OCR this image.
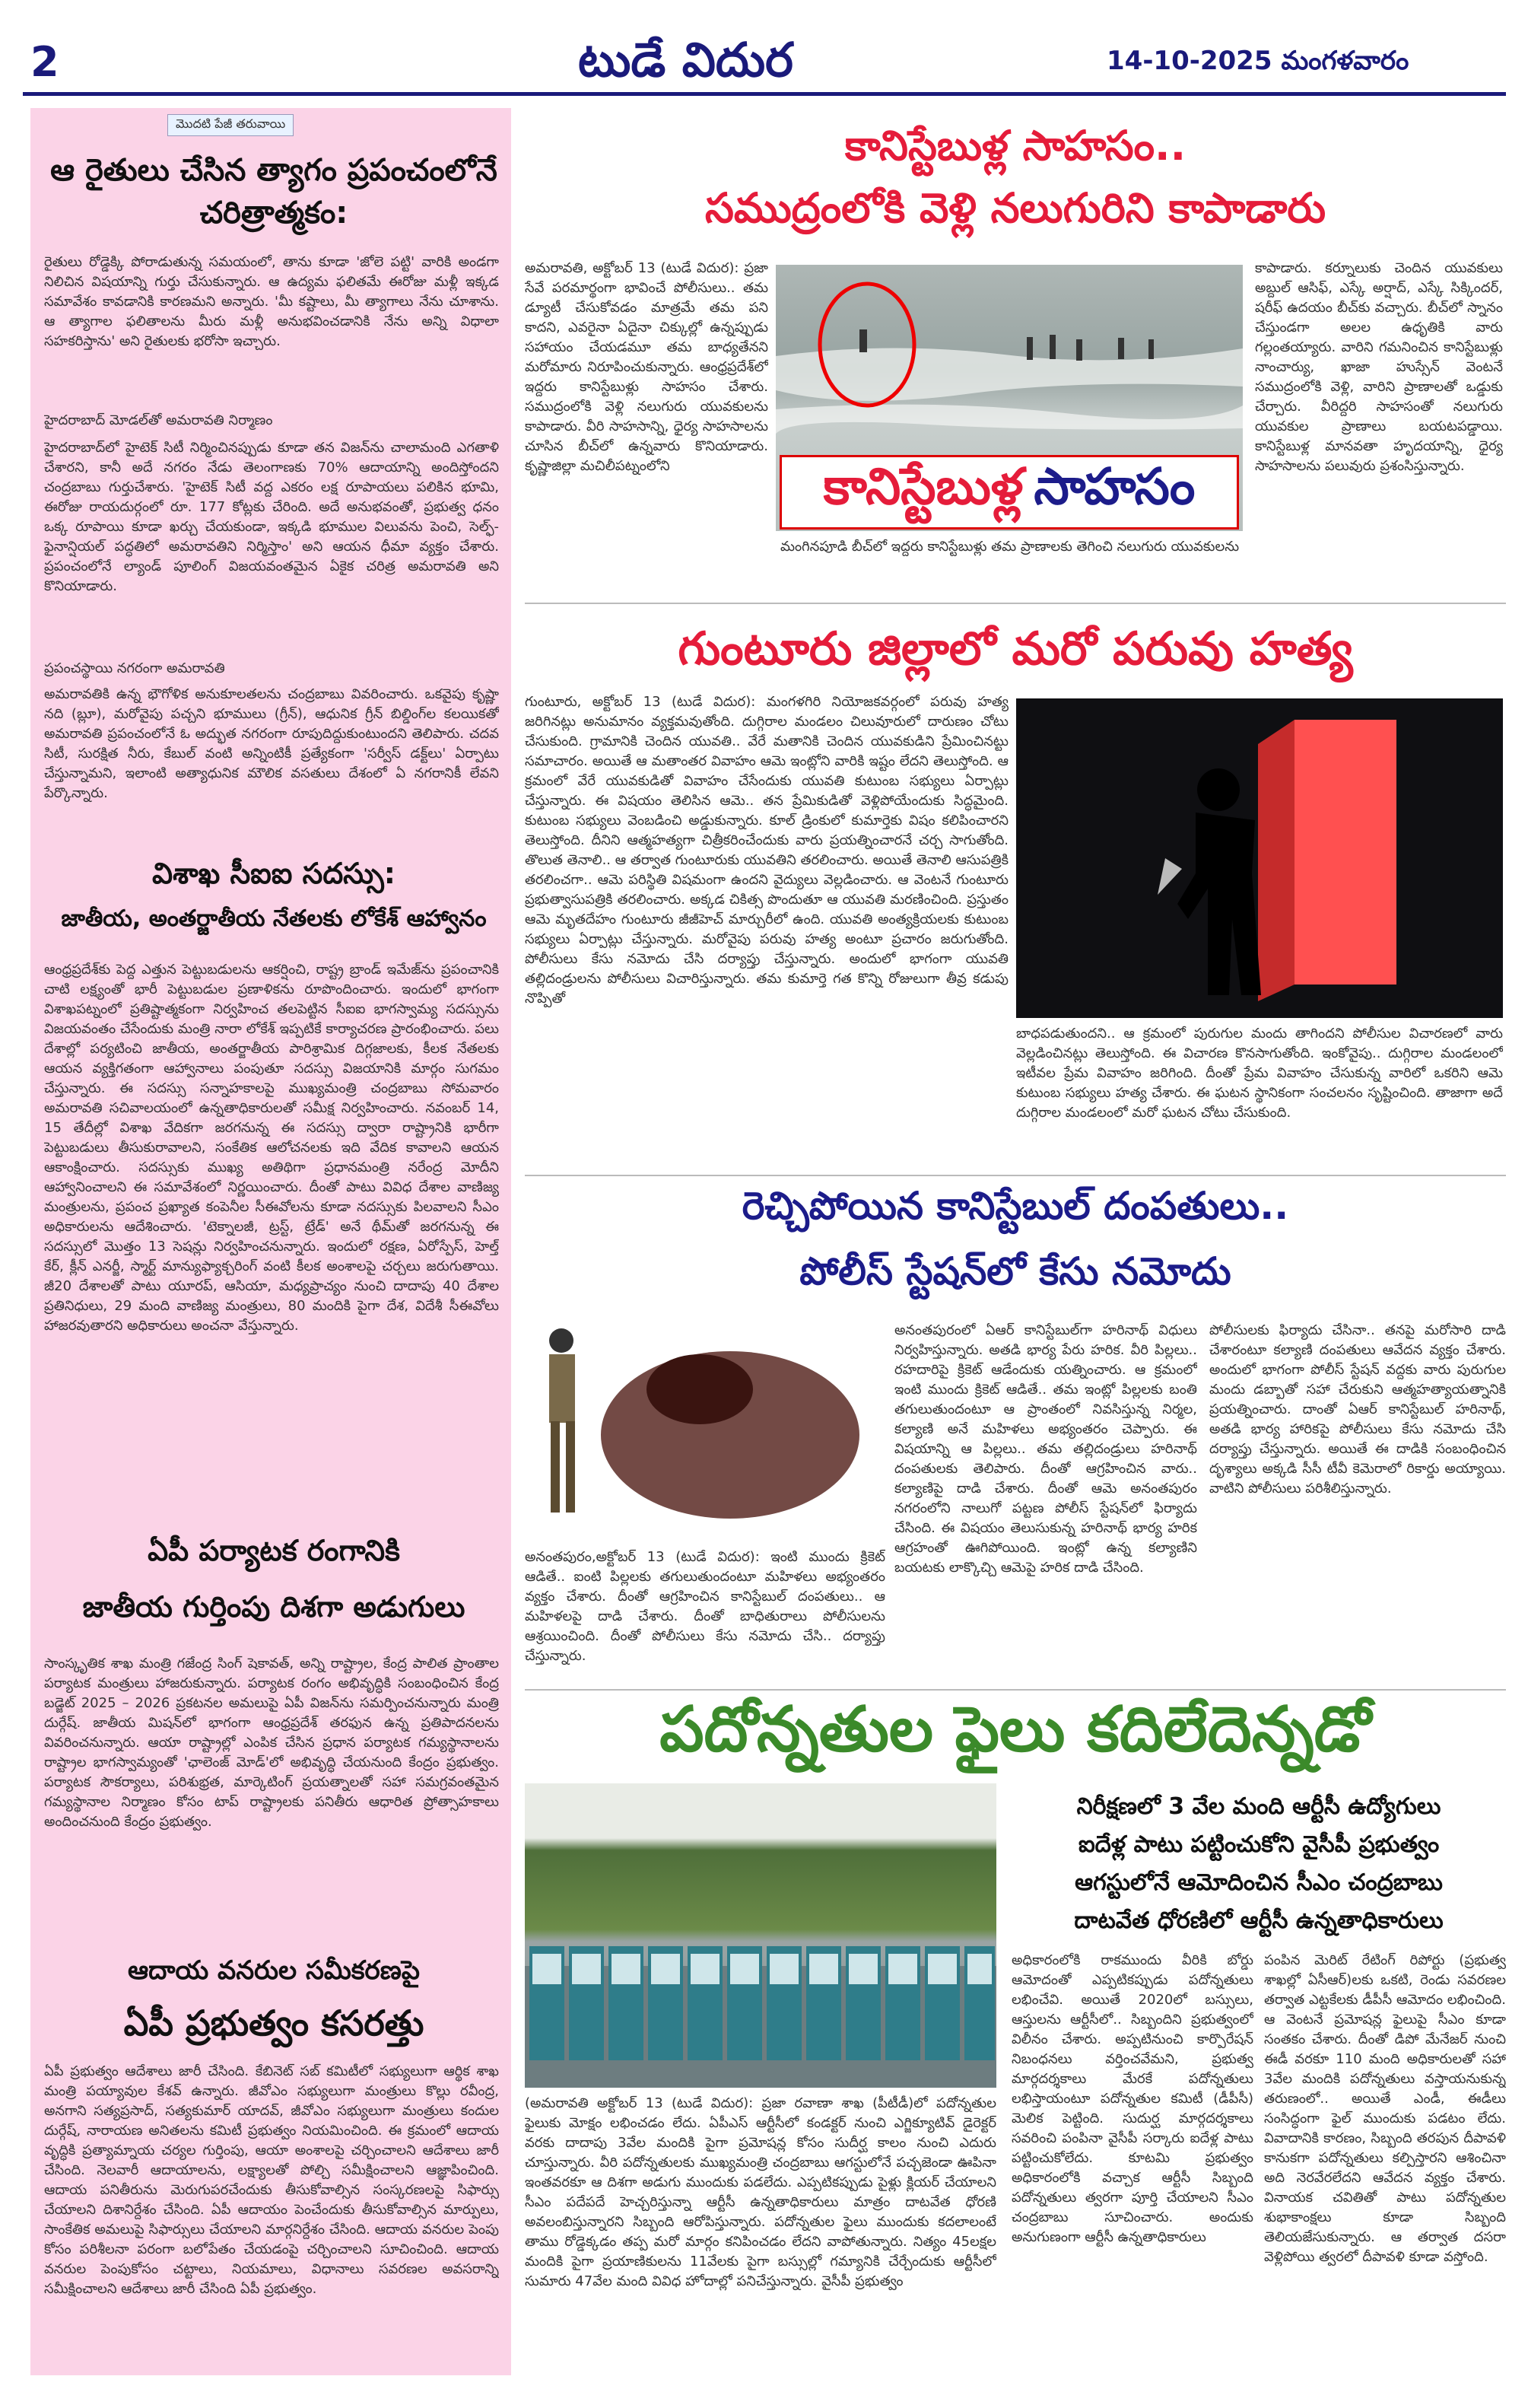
2	టుడే విదుర	14-10-2025 మంగళవారం
మొదటి పేజీ తరువాయి
ఆ రైతులు చేసిన త్యాగం ప్రపంచంలోనే చరిత్రాత్మకం:
రైతులు రోడ్డెక్కి పోరాడుతున్న సమయంలో, తాను కూడా 'జోలె పట్టి' వారికి అండగా నిలిచిన విషయాన్ని గుర్తు చేసుకున్నారు. ఆ ఉద్యమ ఫలితమే ఈరోజు మళ్లీ ఇక్కడ సమావేశం కావడానికి కారణమని అన్నారు. 'మీ కష్టాలు, మీ త్యాగాలు నేను చూశాను. ఆ త్యాగాల ఫలితాలను మీరు మళ్లీ అనుభవించడానికి నేను అన్ని విధాలా సహకరిస్తాను' అని రైతులకు భరోసా ఇచ్చారు.
హైదరాబాద్ మోడల్‌తో అమరావతి నిర్మాణం
హైదరాబాద్‌లో హైటెక్ సిటీ నిర్మించినప్పుడు కూడా తన విజన్‌ను చాలామంది ఎగతాళి చేశారని, కానీ అదే నగరం నేడు తెలంగాణకు 70% ఆదాయాన్ని అందిస్తోందని చంద్రబాబు గుర్తుచేశారు. 'హైటెక్ సిటీ వద్ద ఎకరం లక్ష రూపాయలు పలికిన భూమి, ఈరోజు రాయదుర్గంలో రూ. 177 కోట్లకు చేరింది. అదే అనుభవంతో, ప్రభుత్వ ధనం ఒక్క రూపాయి కూడా ఖర్చు చేయకుండా, ఇక్కడి భూముల విలువను పెంచి, సెల్ఫ్-ఫైనాన్షియల్ పద్ధతిలో అమరావతిని నిర్మిస్తాం' అని ఆయన ధీమా వ్యక్తం చేశారు. ప్రపంచంలోనే ల్యాండ్ పూలింగ్ విజయవంతమైన ఏకైక చరిత్ర అమరావతి అని కొనియాడారు.
ప్రపంచస్థాయి నగరంగా అమరావతి
అమరావతికి ఉన్న భౌగోళిక అనుకూలతలను చంద్రబాబు వివరించారు. ఒకవైపు కృష్ణా నది (బ్లూ), మరోవైపు పచ్చని భూములు (గ్రీన్), ఆధునిక గ్రీన్ బిల్డింగ్‌ల కలయికతో అమరావతి ప్రపంచంలోనే ఓ అద్భుత నగరంగా రూపుదిద్దుకుంటుందని తెలిపారు. చదవ సిటీ, సురక్షిత నీరు, కేబుల్ వంటి అన్నింటికీ ప్రత్యేకంగా 'సర్వీస్ డక్ట్‌లు' ఏర్పాటు చేస్తున్నామని, ఇలాంటి అత్యాధునిక మౌలిక వసతులు దేశంలో ఏ నగరానికీ లేవని పేర్కొన్నారు.
విశాఖ సీఐఐ సదస్సు:
జాతీయ, అంతర్జాతీయ నేతలకు లోకేశ్ ఆహ్వానం
ఆంధ్రప్రదేశ్‌కు పెద్ద ఎత్తున పెట్టుబడులను ఆకర్షించి, రాష్ట్ర బ్రాండ్ ఇమేజ్‌ను ప్రపంచానికి చాటి లక్ష్యంతో భారీ పెట్టుబడుల ప్రణాళికను రూపొందించారు. ఇందులో భాగంగా విశాఖపట్నంలో ప్రతిష్టాత్మకంగా నిర్వహించ తలపెట్టిన సీఐఐ భాగస్వామ్య సదస్సును విజయవంతం చేసేందుకు మంత్రి నారా లోకేశ్ ఇప్పటికే కార్యాచరణ ప్రారంభించారు. పలు దేశాల్లో పర్యటించి జాతీయ, అంతర్జాతీయ పారిశ్రామిక దిగ్గజాలకు, కీలక నేతలకు ఆయన వ్యక్తిగతంగా ఆహ్వానాలు పంపుతూ సదస్సు విజయానికి మార్గం సుగమం చేస్తున్నారు. ఈ సదస్సు సన్నాహకాలపై ముఖ్యమంత్రి చంద్రబాబు సోమవారం అమరావతి సచివాలయంలో ఉన్నతాధికారులతో సమీక్ష నిర్వహించారు. నవంబర్ 14, 15 తేదీల్లో విశాఖ వేదికగా జరగనున్న ఈ సదస్సు ద్వారా రాష్ట్రానికి భారీగా పెట్టుబడులు తీసుకురావాలని, సంకేతిక ఆలోచనలకు ఇది వేదిక కావాలని ఆయన ఆకాంక్షించారు. సదస్సుకు ముఖ్య అతిథిగా ప్రధానమంత్రి నరేంద్ర మోదీని ఆహ్వానించాలని ఈ సమావేశంలో నిర్ణయించారు. దీంతో పాటు వివిధ దేశాల వాణిజ్య మంత్రులను, ప్రపంచ ప్రఖ్యాత కంపెనీల సీఈవోలను కూడా నదస్సుకు పిలవాలని సీఎం అధికారులను ఆదేశించారు. 'టెక్నాలజీ, ట్రస్ట్, ట్రేడ్' అనే థీమ్‌తో జరగనున్న ఈ సదస్సులో మొత్తం 13 సెషన్లు నిర్వహించనున్నారు. ఇందులో రక్షణ, ఏరోస్పేస్, హెల్త్ కేర్, క్లీన్ ఎనర్జీ, స్మార్ట్ మాన్యుఫ్యాక్చరింగ్ వంటి కీలక అంశాలపై చర్చలు జరుగుతాయి. జీ20 దేశాలతో పాటు యూరప్, ఆసియా, మధ్యప్రాచ్యం నుంచి దాదాపు 40 దేశాల ప్రతినిధులు, 29 మంది వాణిజ్య మంత్రులు, 80 మందికి పైగా దేశ, విదేశీ సీఈవోలు హాజరవుతారని అధికారులు అంచనా వేస్తున్నారు.
ఏపీ పర్యాటక రంగానికి
జాతీయ గుర్తింపు దిశగా అడుగులు
సాంస్కృతిక శాఖ మంత్రి గజేంద్ర సింగ్ షెకావత్, అన్ని రాష్ట్రాల, కేంద్ర పాలిత ప్రాంతాల పర్యాటక మంత్రులు హాజరుకున్నారు. పర్యాటక రంగం అభివృద్ధికి సంబంధించిన కేంద్ర బడ్జెట్ 2025 – 2026 ప్రకటనల అమలుపై ఏపీ విజన్‌ను సమర్పించనున్నారు మంత్రి దుర్గేష్. జాతీయ మిషన్‌లో భాగంగా ఆంధ్రప్రదేశ్ తరఫున ఉన్న ప్రతిపాదనలను వివరించనున్నారు. ఆయా రాష్ట్రాల్లో ఎంపిక చేసిన ప్రధాన పర్యాటక గమ్యస్థానాలను రాష్ట్రాల భాగస్వామ్యంతో 'ఛాలెంజ్ మోడ్'లో అభివృద్ధి చేయనుంది కేంద్రం ప్రభుత్వం. పర్యాటక సౌకర్యాలు, పరిశుభ్రత, మార్కెటింగ్ ప్రయత్నాలతో సహా సమగ్రవంతమైన గమ్యస్థానాల నిర్మాణం కోసం టాప్ రాష్ట్రాలకు పనితీరు ఆధారిత ప్రోత్సాహకాలు అందించనుంది కేంద్రం ప్రభుత్వం.
ఆదాయ వనరుల సమీకరణపై
ఏపీ ప్రభుత్వం కసరత్తు
ఏపీ ప్రభుత్వం ఆదేశాలు జారీ చేసింది. కేబినెట్ సబ్ కమిటీలో సభ్యులుగా ఆర్థిక శాఖ మంత్రి పయ్యావుల కేశవ్ ఉన్నారు. జీవోఎం సభ్యులుగా మంత్రులు కొల్లు రవీంద్ర, అనగాని సత్యప్రసాద్, సత్యకుమార్ యాదవ్, జీవోఎం సభ్యులుగా మంత్రులు కందుల దుర్గేష్, నారాయణ అనితలను కమిటీ ప్రభుత్వం నియమించింది. ఈ క్రమంలో ఆదాయ వృద్ధికి ప్రత్యామ్నాయ చర్యల గుర్తింపు, ఆయా అంశాలపై చర్చించాలని ఆదేశాలు జారీ చేసింది. నెలవారీ ఆదాయాలను, లక్ష్యాలతో పోల్చి సమీక్షించాలని ఆజ్ఞాపించింది. ఆదాయ పనితీరును మెరుగుపరచేందుకు తీసుకోవాల్సిన సంస్కరణలపై సిఫార్సు చేయాలని దిశానిర్దేశం చేసింది. ఏపీ ఆదాయం పెంచేందుకు తీసుకోవాల్సిన మార్పులు, సాంకేతిక అమలుపై సిఫార్సులు చేయాలని మార్గనిర్దేశం చేసింది. ఆదాయ వనరుల పెంపు కోసం పరిశీలనా పరంగా బలోపేతం చేయడంపై చర్చించాలని సూచించింది. ఆదాయ వనరుల పెంపుకోసం చట్టాలు, నియమాలు, విధానాలు సవరణల అవసరాన్ని సమీక్షించాలని ఆదేశాలు జారీ చేసింది ఏపీ ప్రభుత్వం.
కానిస్టేబుళ్ల సాహసం..
సముద్రంలోకి వెళ్లి నలుగురిని కాపాడారు
అమరావతి, అక్టోబర్ 13 (టుడే విదుర): ప్రజా సేవే పరమార్థంగా భావించే పోలీసులు.. తమ డ్యూటీ చేసుకోవడం మాత్రమే తమ పని కాదని, ఎవరైనా ఏదైనా చిక్కుల్లో ఉన్నప్పుడు సహాయం చేయడమూ తమ బాధ్యతేనని మరోమారు నిరూపించుకున్నారు. ఆంధ్రప్రదేశ్‌లో ఇద్దరు కానిస్టేబుళ్లు సాహసం చేశారు. సముద్రంలోకి వెళ్లి నలుగురు యువకులను కాపాడారు. వీరి సాహసాన్ని, ధైర్య సాహసాలను చూసిన బీచ్‌లో ఉన్నవారు కొనియాడారు. కృష్ణాజిల్లా మచిలీపట్నంలోని	కానిస్టేబుళ్ల సాహసం
మంగినపూడి బీచ్‌లో ఇద్దరు కానిస్టేబుళ్లు తమ ప్రాణాలకు తెగించి నలుగురు యువకులను
కాపాడారు. కర్నూలుకు చెందిన యువకులు అబ్దుల్ ఆసిఫ్, ఎస్కే అర్షాద్, ఎస్కే సిక్కిందర్, షరీఫ్ ఉదయం బీచ్‌కు వచ్చారు. బీచ్‌లో స్నానం చేస్తుండగా అలల ఉధృతికి వారు గల్లంతయ్యారు. వారిని గమనించిన కానిస్టేబుళ్లు నాంచార్యు, ఖాజా హుస్సేన్ వెంటనే సముద్రంలోకి వెళ్లి, వారిని ప్రాణాలతో ఒడ్డుకు చేర్చారు. వీరిద్దరి సాహసంతో నలుగురు యువకుల ప్రాణాలు బయటపడ్డాయి. కానిస్టేబుళ్ల మానవతా హృదయాన్ని, ధైర్య సాహసాలను పలువురు ప్రశంసిస్తున్నారు.
గుంటూరు జిల్లాలో మరో పరువు హత్య
గుంటూరు, అక్టోబర్ 13 (టుడే విదుర): మంగళగిరి నియోజకవర్గంలో పరువు హత్య జరిగినట్లు అనుమానం వ్యక్తమవుతోంది. దుగ్గిరాల మండలం చిలువూరులో దారుణం చోటు చేసుకుంది. గ్రామానికి చెందిన యువతి.. వేరే మతానికి చెందిన యువకుడిని ప్రేమించినట్టు సమాచారం. అయితే ఆ మతాంతర వివాహం ఆమె ఇంట్లోని వారికి ఇష్టం లేదని తెలుస్తోంది. ఆ క్రమంలో వేరే యువకుడితో వివాహం చేసేందుకు యువతి కుటుంబ సభ్యులు ఏర్పాట్లు చేస్తున్నారు. ఈ విషయం తెలిసిన ఆమె.. తన ప్రేమికుడితో వెళ్లిపోయేందుకు సిద్ధమైంది. కుటుంబ సభ్యులు వెంబడించి అడ్డుకున్నారు. కూల్ డ్రింకులో కుమార్తెకు విషం కలిపించారని తెలుస్తోంది. దీనిని ఆత్మహత్యగా చిత్రీకరించేందుకు వారు ప్రయత్నించారనే చర్చ సాగుతోంది. తొలుత తెనాలి.. ఆ తర్వాత గుంటూరుకు యువతిని తరలించారు. అయితే తెనాలి ఆసుపత్రికి తరలించగా.. ఆమె పరిస్థితి విషమంగా ఉందని వైద్యులు వెల్లడించారు. ఆ వెంటనే గుంటూరు ప్రభుత్వాసుపత్రికి తరలించారు. అక్కడ చికిత్స పొందుతూ ఆ యువతి మరణించింది. ప్రస్తుతం ఆమె మృతదేహం గుంటూరు జీజీహెచ్ మార్చురీలో ఉంది. యువతి అంత్యక్రియలకు కుటుంబ సభ్యులు ఏర్పాట్లు చేస్తున్నారు. మరోవైపు పరువు హత్య అంటూ ప్రచారం జరుగుతోంది. పోలీసులు కేసు నమోదు చేసి దర్యాప్తు చేస్తున్నారు. అందులో భాగంగా యువతి తల్లిదండ్రులను పోలీసులు విచారిస్తున్నారు. తమ కుమార్తె గత కొన్ని రోజులుగా తీవ్ర కడుపు నొప్పితో
బాధపడుతుందని.. ఆ క్రమంలో పురుగుల మందు తాగిందని పోలీసుల విచారణలో వారు వెల్లడించినట్లు తెలుస్తోంది. ఈ విచారణ కొనసాగుతోంది. ఇంకోవైపు.. దుగ్గిరాల మండలంలో ఇటీవల ప్రేమ వివాహం జరిగింది. దీంతో ప్రేమ వివాహం చేసుకున్న వారిలో ఒకరిని ఆమె కుటుంబ సభ్యులు హత్య చేశారు. ఈ ఘటన స్థానికంగా సంచలనం సృష్టించింది. తాజాగా అదే దుగ్గిరాల మండలంలో మరో ఘటన చోటు చేసుకుంది.
రెచ్చిపోయిన కానిస్టేబుల్ దంపతులు..
పోలీస్ స్టేషన్‌లో కేసు నమోదు
అనంతపురం,అక్టోబర్ 13 (టుడే విదుర): ఇంటి ముందు క్రికెట్ ఆడితే.. ఐంటి పిల్లలకు తగులుతుందంటూ మహిళలు అభ్యంతరం వ్యక్తం చేశారు. దీంతో ఆగ్రహించిన కానిస్టేబుల్ దంపతులు.. ఆ మహిళలపై దాడి చేశారు. దీంతో బాధితురాలు పోలీసులను ఆశ్రయించింది. దీంతో పోలీసులు కేసు నమోదు చేసి.. దర్యాప్తు చేస్తున్నారు.
అనంతపురంలో ఏఆర్ కానిస్టేబుల్‌గా హరినాథ్ విధులు నిర్వహిస్తున్నారు. అతడి భార్య పేరు హరిక. వీరి పిల్లలు.. రహదారిపై క్రికెట్ ఆడేందుకు యత్నించారు. ఆ క్రమంలో ఇంటి ముందు క్రికెట్ ఆడితే.. తమ ఇంట్లో పిల్లలకు బంతి తగులుతుందంటూ ఆ ప్రాంతంలో నివసిస్తున్న నిర్మల, కల్యాణి అనే మహిళలు అభ్యంతరం చెప్పారు. ఈ విషయాన్ని ఆ పిల్లలు.. తమ తల్లిదండ్రులు హరినాథ్ దంపతులకు తెలిపారు. దీంతో ఆగ్రహించిన వారు.. కల్యాణిపై దాడి చేశారు. దీంతో ఆమె అనంతపురం నగరంలోని నాలుగో పట్టణ పోలీస్ స్టేషన్‌లో ఫిర్యాదు చేసింది. ఈ విషయం తెలుసుకున్న హరినాథ్ భార్య హరిక ఆగ్రహంతో ఊగిపోయింది. ఇంట్లో ఉన్న కల్యాణిని బయటకు లాక్కొచ్చి ఆమెపై హరిక దాడి చేసింది.
పోలీసులకు ఫిర్యాదు చేసినా.. తనపై మరోసారి దాడి చేశారంటూ కల్యాణి దంపతులు ఆవేదన వ్యక్తం చేశారు. అందులో భాగంగా పోలీస్ స్టేషన్ వద్దకు వారు పురుగుల మందు డబ్బాతో సహా చేరుకుని ఆత్మహత్యాయత్నానికి ప్రయత్నించారు. దాంతో ఏఆర్ కానిస్టేబుల్ హరినాథ్, అతడి భార్య హారికపై పోలీసులు కేసు నమోదు చేసి దర్యాప్తు చేస్తున్నారు. అయితే ఈ దాడికి సంబంధించిన దృశ్యాలు అక్కడి సీసీ టీవీ కెమెరాలో రికార్డు అయ్యాయి. వాటిని పోలీసులు పరిశీలిస్తున్నారు.
పదోన్నతుల ఫైలు కదిలేదెన్నడో
నిరీక్షణలో 3 వేల మంది ఆర్టీసీ ఉద్యోగులు
ఐదేళ్ల పాటు పట్టించుకోని వైసీపీ ప్రభుత్వం
ఆగస్టులోనే ఆమోదించిన సీఎం చంద్రబాబు
దాటవేత ధోరణిలో ఆర్టీసీ ఉన్నతాధికారులు
(అమరావతి అక్టోబర్ 13 (టుడే విదుర): ప్రజా రవాణా శాఖ (పీటీడీ)లో పదోన్నతుల ఫైలుకు మోక్షం లభించడం లేదు. ఏపీఎస్ ఆర్టీసీలో కండక్టర్ నుంచి ఎగ్జిక్యూటివ్ డైరెక్టర్ వరకు దాదాపు 3వేల మందికి పైగా ప్రమోషన్ల కోసం సుదీర్ఘ కాలం నుంచి ఎదురు చూస్తున్నారు. వీరి పదోన్నతులకు ముఖ్యమంత్రి చంద్రబాబు ఆగస్టులోనే పచ్చజెండా ఊపినా ఇంతవరకూ ఆ దిశగా అడుగు ముందుకు పడలేదు. ఎప్పటికప్పుడు పైళ్లు క్లియర్ చేయాలని సీఎం పదేపదే హెచ్చరిస్తున్నా ఆర్టీసీ ఉన్నతాధికారులు మాత్రం దాటవేత ధోరణి అవలంబిస్తున్నారని సిబ్బంది ఆరోపిస్తున్నారు. పదోన్నతుల ఫైలు ముందుకు కదలాలంటే తాము రోడ్డెక్కడం తప్ప మరో మార్గం కనిపించడం లేదని వాపోతున్నారు. నిత్యం 45లక్షల మందికి పైగా ప్రయాణికులను 11వేలకు పైగా బస్సుల్లో గమ్యానికి చేర్చేందుకు ఆర్టీసీలో సుమారు 47వేల మంది వివిధ హోదాల్లో పనిచేస్తున్నారు. వైసీపీ ప్రభుత్వం
అధికారంలోకి రాకముందు వీరికి బోర్డు ఆమోదంతో ఎప్పటికప్పుడు పదోన్నతులు లభించేవి. అయితే 2020లో బస్సులు, ఆస్తులను ఆర్టీసీలో.. సిబ్బందిని ప్రభుత్వంలో విలీనం చేశారు. అప్పటినుంచి కార్పొరేషన్ నిబంధనలు వర్తించవేమని, ప్రభుత్వ మార్గదర్శకాలు మేరకే పదోన్నతులు లభిస్తాయంటూ పదోన్నతుల కమిటీ (డీపీసీ) మెలిక పెట్టింది. సుదుర్ఘ మార్గదర్శకాలు సవరించి పంపినా వైసీపీ సర్కారు ఐదేళ్ల పాటు పట్టించుకోలేదు. కూటమి ప్రభుత్వం అధికారంలోకి వచ్చాక ఆర్టీసీ సిబ్బంది పదోన్నతులు త్వరగా పూర్తి చేయాలని సీఎం చంద్రబాబు సూచించారు. అందుకు అనుగుణంగా ఆర్టీసీ ఉన్నతాధికారులు
పంపిన మెరిట్ రేటింగ్ రిపోర్టు (ప్రభుత్వ శాఖల్లో ఏసీఆర్)లకు ఒకటి, రెండు సవరణల తర్వాత ఎట్టకేలకు డీపీసీ ఆమోదం లభించింది. ఆ వెంటనే ప్రమోషన్ల ఫైలుపై సీఎం కూడా సంతకం చేశారు. దీంతో డిపో మేనేజర్ నుంచి ఈడీ వరకూ 110 మంది అధికారులతో సహా 3వేల మందికి పదోన్నతులు వస్తాయనుకున్న తరుణంలో.. అయితే ఎండీ, ఈడీలు సంసిద్ధంగా ఫైల్ ముందుకు పడటం లేదు. వివాదానికి కారణం, సిబ్బంది తరపున దీపావళి కానుకగా పదోన్నతులు కల్పిస్తారని ఆశించినా అది నెరవేరలేదని ఆవేదన వ్యక్తం చేశారు. వినాయక చవితితో పాటు పదోన్నతుల శుభాకాంక్షలు కూడా సిబ్బంది తెలియజేసుకున్నారు. ఆ తర్వాత దసరా వెళ్లిపోయి త్వరలో దీపావళి కూడా వస్తోంది.
